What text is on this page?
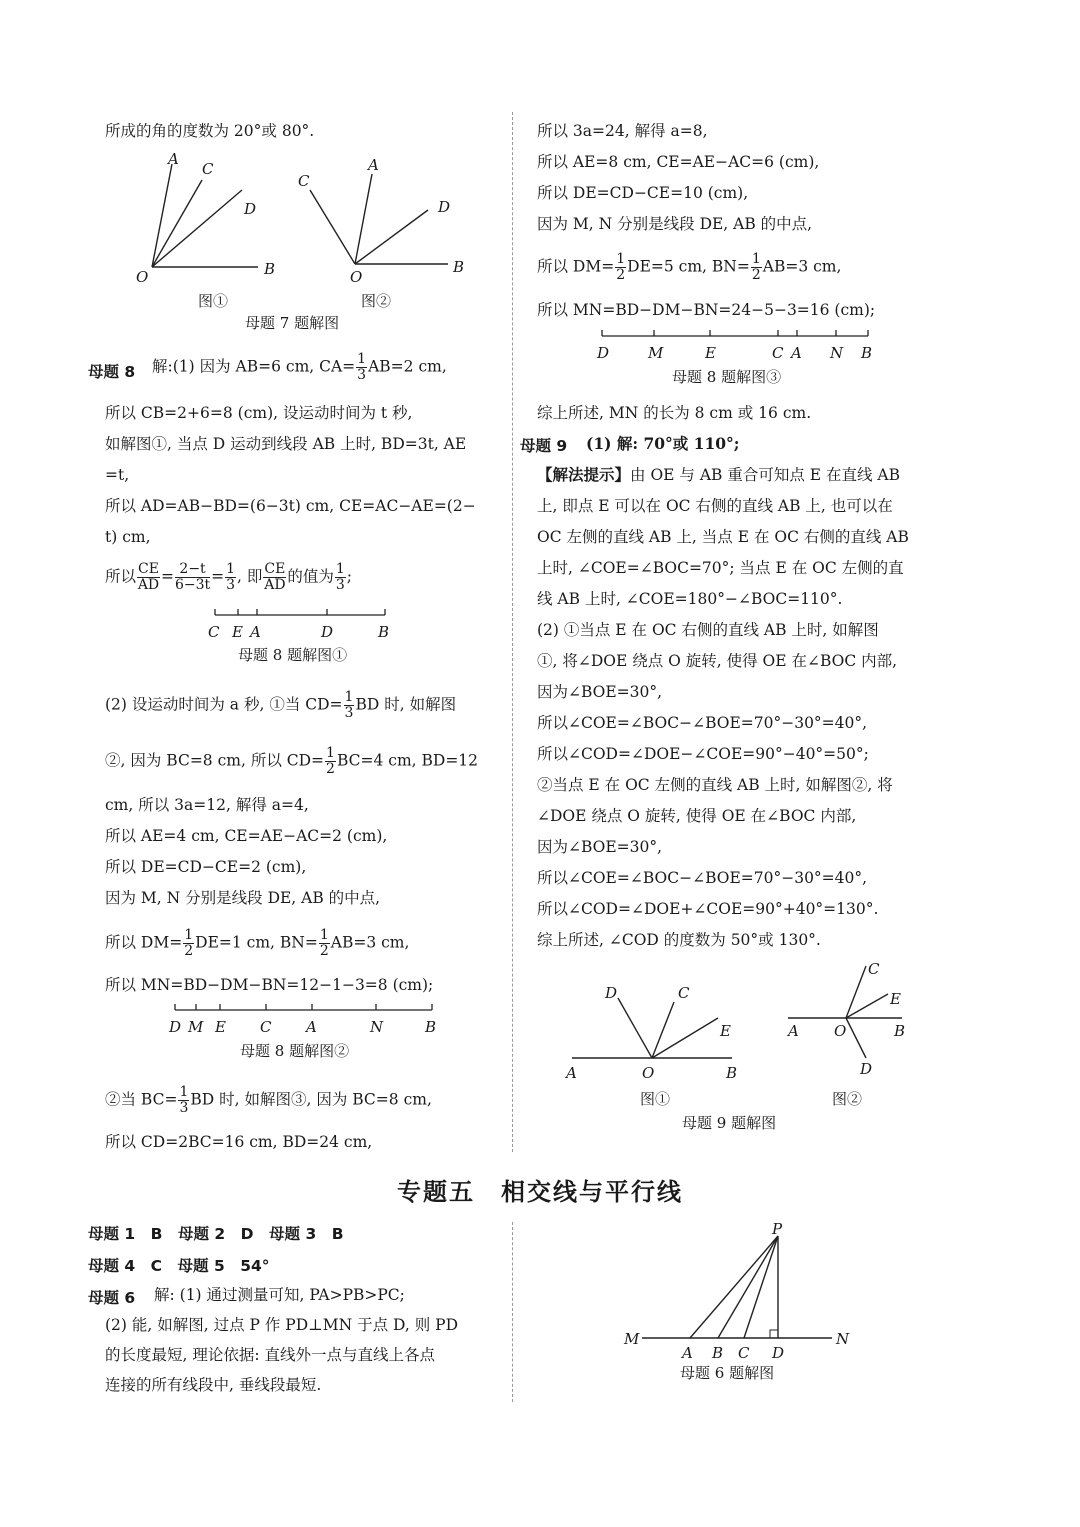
所成的角的度数为 20°或 80°.
O
A
C
D
B	O
A
C
D
B
图①	图②
母题 7 题解图
母题 8 解:(1) 因为 AB=6 cm, $CA= \frac{1}{3} AB=2$ cm,
所以 CB=2+6=8 (cm), 设运动时间为 t 秒,
如解图①, 当点 D 运动到线段 AB 上时, BD=3t, AE
=t,
所以 AD=AB−BD=(6−3t) cm, CE=AC−AE=(2−
t) cm,
所以 $\frac{CE}{AD} = \frac{2-t}{6-3t} = \frac{1}{3}$ , 即 $\frac{CE}{AD}$ 的值为 $\frac{1}{3}$ ;
C E A	D	B
母题 8 题解图①
(2) 设运动时间为 a 秒, ①当 $CD= \frac{1}{3}$ BD 时, 如解图
②, 因为 BC=8 cm, 所以 $CD= \frac{1}{2} BC=4$ cm, BD=12
cm, 所以 3a=12, 解得 a=4,
所以 AE=4 cm, CE=AE−AC=2 (cm),
所以 DE=CD−CE=2 (cm),
因为 M, N 分别是线段 DE, AB 的中点,
所以 $DM= \frac{1}{2} DE=1$ cm, $BN= \frac{1}{2} AB=3$ cm,
所以 MN=BD−DM−BN=12−1−3=8 (cm);
D M E C A	N	B
母题 8 题解图②
②当 $BC= \frac{1}{3}$ BD 时, 如解图③, 因为 BC=8 cm,
所以 CD=2BC=16 cm, BD=24 cm,
所以 3a=24, 解得 a=8,
所以 AE=8 cm, CE=AE−AC=6 (cm),
所以 DE=CD−CE=10 (cm),
因为 M, N 分别是线段 DE, AB 的中点,
所以 $DM= \frac{1}{2} DE=5$ cm, $BN= \frac{1}{2} AB=3$ cm,
所以 MN=BD−DM−BN=24−5−3=16 (cm);
D	M	E	C A N B
母题 8 题解图③
综上所述, MN 的长为 8 cm 或 16 cm.
母题 9 (1) 解: 70°或 110°;
【解法提示】由 OE 与 AB 重合可知点 E 在直线 AB
上, 即点 E 可以在 OC 右侧的直线 AB 上, 也可以在
OC 左侧的直线 AB 上, 当点 E 在 OC 右侧的直线 AB
上时, ∠COE=∠BOC=70°; 当点 E 在 OC 左侧的直
线 AB 上时, ∠COE=180°−∠BOC=110°.
(2) ①当点 E 在 OC 右侧的直线 AB 上时, 如解图
①, 将∠DOE 绕点 O 旋转, 使得 OE 在∠BOC 内部,
因为∠BOE=30°,
所以∠COE=∠BOC−∠BOE=70°−30°=40°,
所以∠COD=∠DOE−∠COE=90°−40°=50°;
②当点 E 在 OC 左侧的直线 AB 上时, 如解图②, 将
∠DOE 绕点 O 旋转, 使得 OE 在∠BOC 内部,
因为∠BOE=30°,
所以∠COE=∠BOC−∠BOE=70°−30°=40°,
所以∠COD=∠DOE+∠COE=90°+40°=130°.
综上所述, ∠COD 的度数为 50°或 130°.
D	C
E
A	O	B
C
E
A O	B
D
图①	图②
母题 9 题解图
专题五　相交线与平行线
母题 1　B　母题 2　D　母题 3　B
母题 4　C　母题 5　54°
母题 6 解: (1) 通过测量可知, PA>PB>PC;
(2) 能, 如解图, 过点 P 作 PD⊥MN 于点 D, 则 PD
的长度最短, 理论依据: 直线外一点与直线上各点
连接的所有线段中, 垂线段最短.
P
M	N
A B C D
母题 6 题解图
